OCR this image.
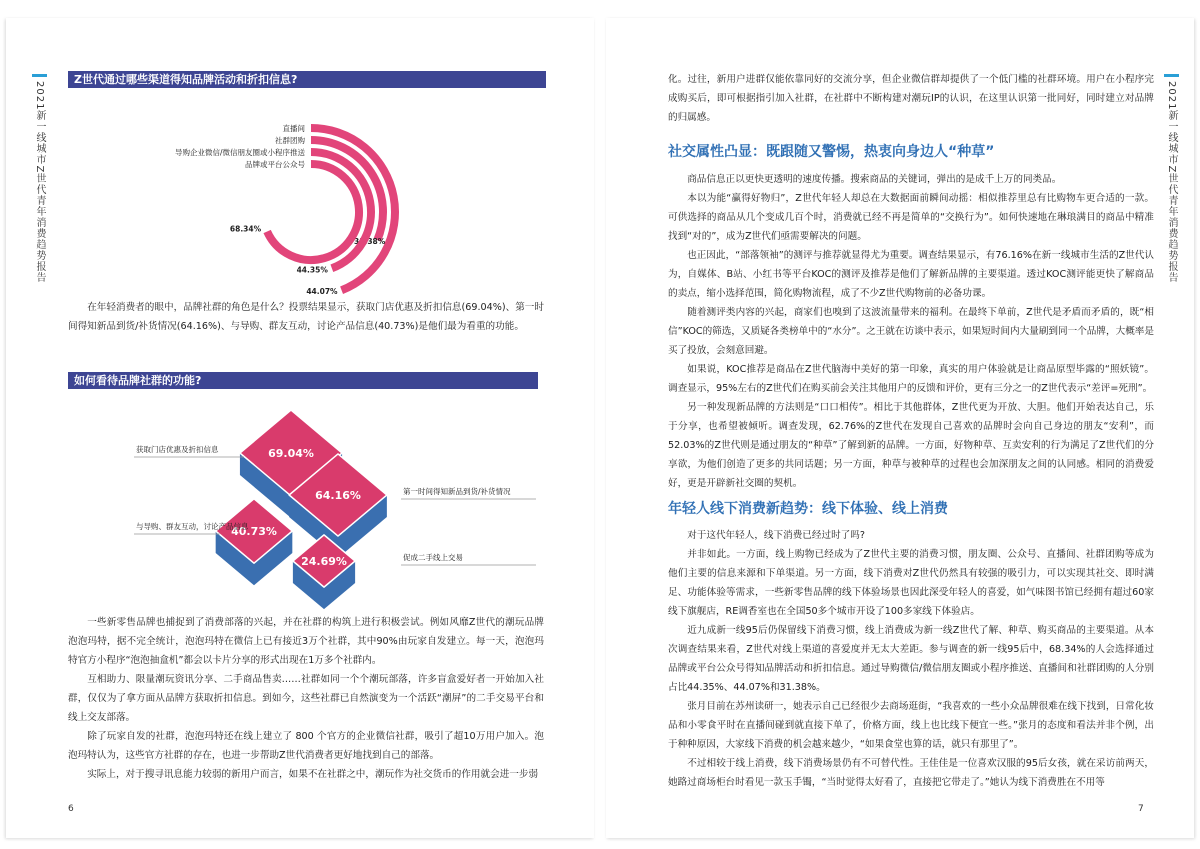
2021新一线城市Z世代青年消费趋势报告
Z世代通过哪些渠道得知品牌活动和折扣信息?
直播间
44.07%
社群团购
31.38%
导购企业微信/微信朋友圈或小程序推送
44.35%
品牌或平台公众号
68.34%

在年轻消费者的眼中，品牌社群的角色是什么？投票结果显示，获取门店优惠及折扣信息(69.04%)、第一时间得知新品到货/补货情况(64.16%)、与导购、群友互动，讨论产品信息(40.73%)是他们最为看重的功能。

如何看待品牌社群的功能?
69.04%
获取门店优惠及折扣信息
64.16%	第一时间得知新品到货/补货情况
40.73%
与导购、群友互动，讨论产品信息
24.69%	促成二手线上交易

一些新零售品牌也捕捉到了消费部落的兴起，并在社群的构筑上进行积极尝试。例如风靡Z世代的潮玩品牌泡泡玛特，据不完全统计，泡泡玛特在微信上已有接近3万个社群，其中90%由玩家自发建立。每一天，泡泡玛特官方小程序“泡泡抽盒机”都会以卡片分享的形式出现在1万多个社群内。

互相助力、限量潮玩资讯分享、二手商品售卖……社群如同一个个潮玩部落，许多盲盒爱好者一开始加入社群，仅仅为了拿方面从品牌方获取折扣信息。到如今，这些社群已自然演变为一个活跃“潮屏”的二手交易平台和线上交友部落。

除了玩家自发的社群，泡泡玛特还在线上建立了 800 个官方的企业微信社群，吸引了超10万用户加入。泡泡玛特认为，这些官方社群的存在，也进一步帮助Z世代消费者更好地找到自己的部落。

实际上，对于搜寻讯息能力较弱的新用户而言，如果不在社群之中，潮玩作为社交货币的作用就会进一步弱

6
2021新一线城市Z世代青年消费趋势报告

化。过往，新用户进群仅能依靠同好的交流分享，但企业微信群却提供了一个低门槛的社群环境。用户在小程序完成购买后，即可根据指引加入社群，在社群中不断构建对潮玩IP的认识，在这里认识第一批同好，同时建立对品牌的归属感。

社交属性凸显：既跟随又警惕，热衷向身边人“种草”

商品信息正以更快更透明的速度传播。搜索商品的关键词，弹出的是成千上万的同类品。

本以为能“赢得好物归”，Z世代年轻人却总在大数据面前瞬间动摇：相似推荐里总有比购物车更合适的一款。可供选择的商品从几个变成几百个时，消费就已经不再是简单的“交换行为”。如何快速地在琳琅满目的商品中精准找到“对的”，成为Z世代们亟需要解决的问题。

也正因此，“部落领袖”的测评与推荐就显得尤为重要。调查结果显示，有76.16%在新一线城市生活的Z世代认为，自媒体、B站、小红书等平台KOC的测评及推荐是他们了解新品牌的主要渠道。透过KOC测评能更快了解商品的卖点，缩小选择范围，简化购物流程，成了不少Z世代购物前的必备功课。

随着测评类内容的兴起，商家们也嗅到了这波流量带来的福利。在最终下单前，Z世代是矛盾而矛盾的，既“相信”KOC的筛选，又质疑各类榜单中的“水分”。之王就在访谈中表示，如果短时间内大量刷到同一个品牌，大概率是买了投放，会刻意回避。

如果说，KOC推荐是商品在Z世代脑海中美好的第一印象，真实的用户体验就是让商品原型毕露的“照妖镜”。调查显示，95%左右的Z世代们在购买前会关注其他用户的反馈和评价，更有三分之一的Z世代表示“差评=死刑”。

另一种发现新品牌的方法则是“口口相传”。相比于其他群体，Z世代更为开放、大胆。他们开始表达自己，乐于分享，也希望被倾听。调查发现，62.76%的Z世代在发现自己喜欢的品牌时会向自己身边的朋友“安利”，而52.03%的Z世代则是通过朋友的“种草”了解到新的品牌。一方面，好物种草、互卖安利的行为满足了Z世代们的分享欲，为他们创造了更多的共同话题；另一方面，种草与被种草的过程也会加深朋友之间的认同感。相同的消费爱好，更是开辟新社交圈的契机。

年轻人线下消费新趋势：线下体验、线上消费

对于这代年轻人，线下消费已经过时了吗?

并非如此。一方面，线上购物已经成为了Z世代主要的消费习惯，朋友圈、公众号、直播间、社群团购等成为他们主要的信息来源和下单渠道。另一方面，线下消费对Z世代仍然具有较强的吸引力，可以实现其社交、即时满足、功能体验等需求，一些新零售品牌的线下体验场景也因此深受年轻人的喜爱，如气味图书馆已经拥有超过60家线下旗舰店，RE调香室也在全国50多个城市开设了100多家线下体验店。

近九成新一线95后仍保留线下消费习惯，线上消费成为新一线Z世代了解、种草、购买商品的主要渠道。从本次调查结果来看，Z世代对线上渠道的喜爱度并无太大差距。参与调查的新一线95后中，68.34%的人会选择通过品牌或平台公众号得知品牌活动和折扣信息。通过导购微信/微信朋友圈或小程序推送、直播间和社群团购的人分别占比44.35%、44.07%和31.38%。

张月目前在苏州读研一，她表示自己已经很少去商场逛街，“我喜欢的一些小众品牌很难在线下找到，日常化妆品和小零食平时在直播间碰到就直接下单了，价格方面，线上也比线下便宜一些。”张月的态度和看法并非个例，出于种种原因，大家线下消费的机会越来越少，“如果食堂也算的话，就只有那里了”。

不过相较于线上消费，线下消费场景仍有不可替代性。王佳佳是一位喜欢汉服的95后女孩，就在采访前两天，她路过商场柜台时看见一款玉手镯，“当时觉得太好看了，直接把它带走了。”她认为线下消费胜在不用等

7
